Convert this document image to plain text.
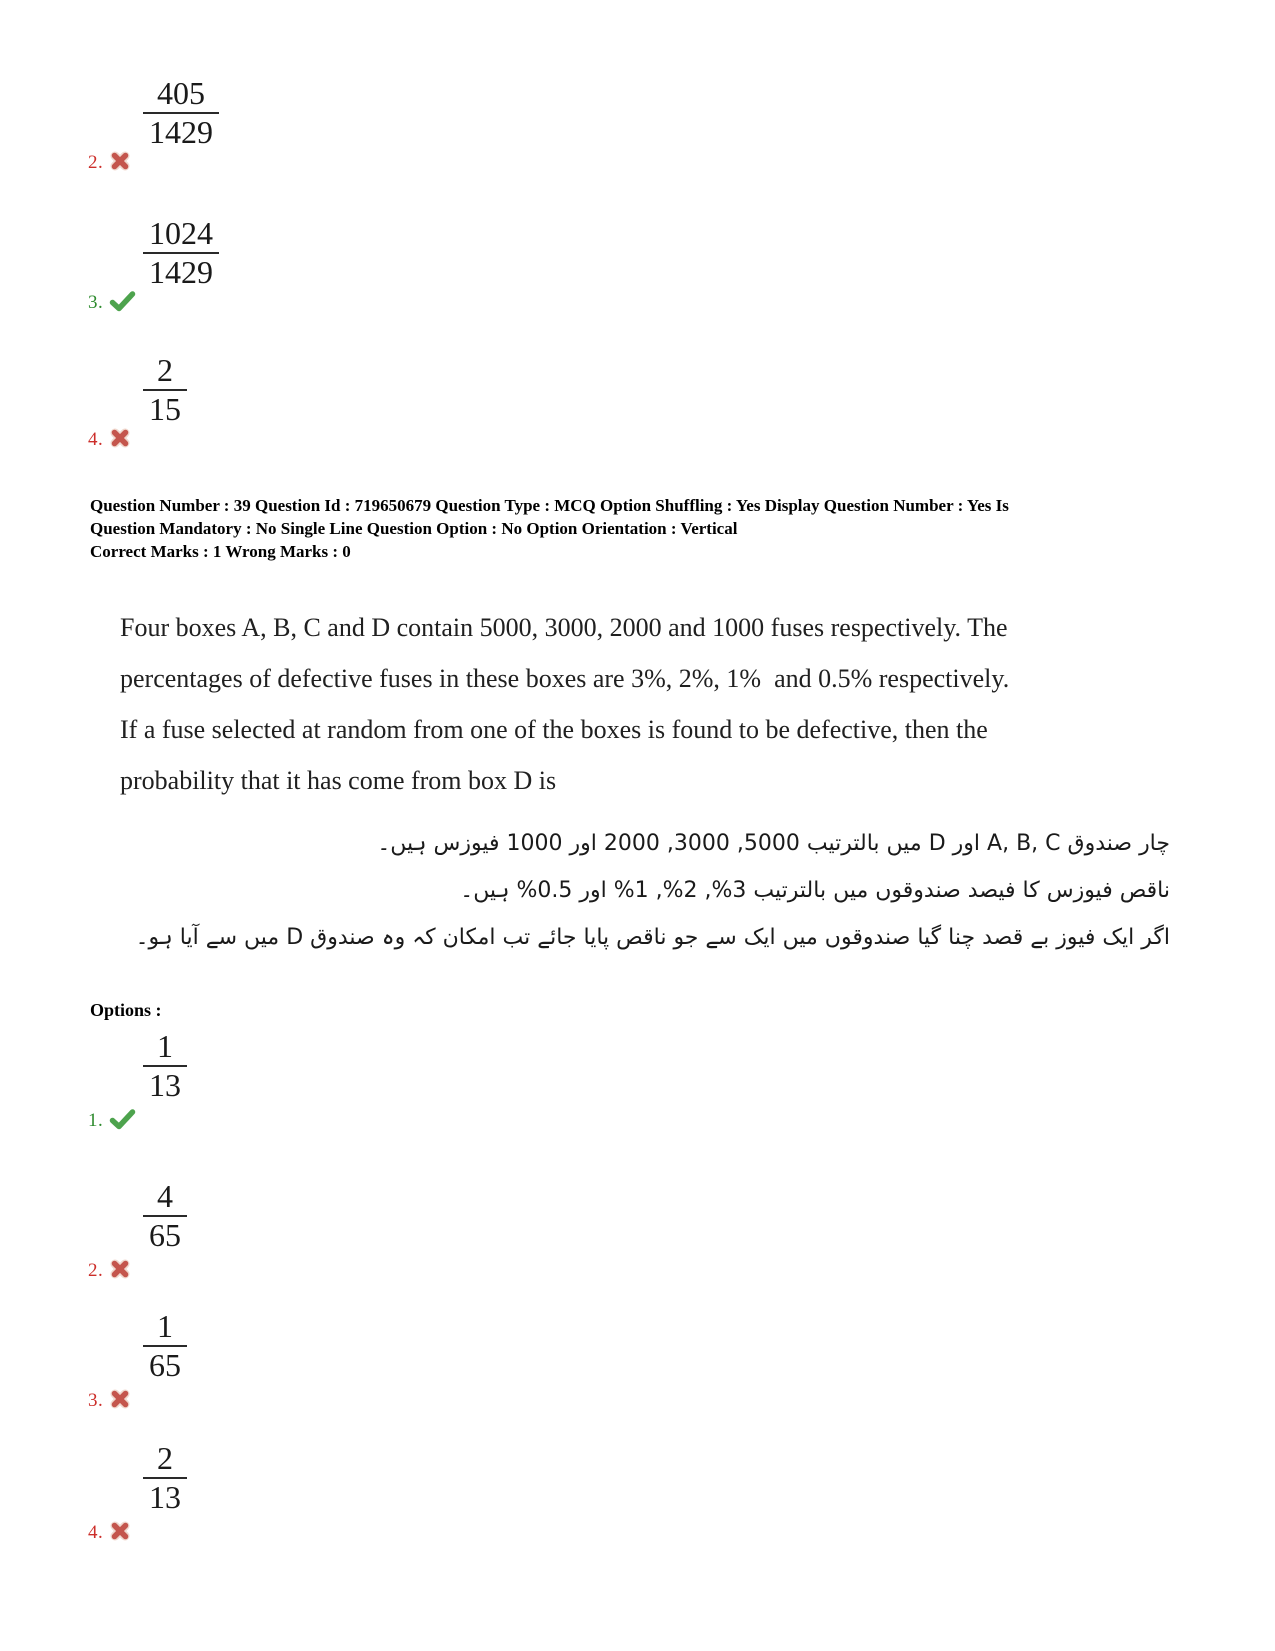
$\frac{405}{1429}$
2.
$\frac{1024}{1429}$
3.
$\frac{2}{15}$
4.
Question Number : 39 Question Id : 719650679 Question Type : MCQ Option Shuffling : Yes Display Question Number : Yes Is
Question Mandatory : No Single Line Question Option : No Option Orientation : Vertical
Correct Marks : 1 Wrong Marks : 0
Four boxes A, B, C and D contain 5000, 3000, 2000 and 1000 fuses respectively. The
percentages of defective fuses in these boxes are 3%, 2%, 1%  and 0.5% respectively.
If a fuse selected at random from one of the boxes is found to be defective, then the
probability that it has come from box D is
چار صندوق A, B, C اور D میں بالترتیب 5000, 3000, 2000 اور 1000 فیوزس ہیں۔
ناقص فیوزس کا فیصد صندوقوں میں بالترتیب 3%, 2%, 1% اور 0.5% ہیں۔
اگر ایک فیوز بے قصد چنا گیا صندوقوں میں ایک سے جو ناقص پایا جائے تب امکان کہ وہ صندوق D میں سے آیا ہو۔
Options :
$\frac{1}{13}$
1.
$\frac{4}{65}$
2.
$\frac{1}{65}$
3.
$\frac{2}{13}$
4.
